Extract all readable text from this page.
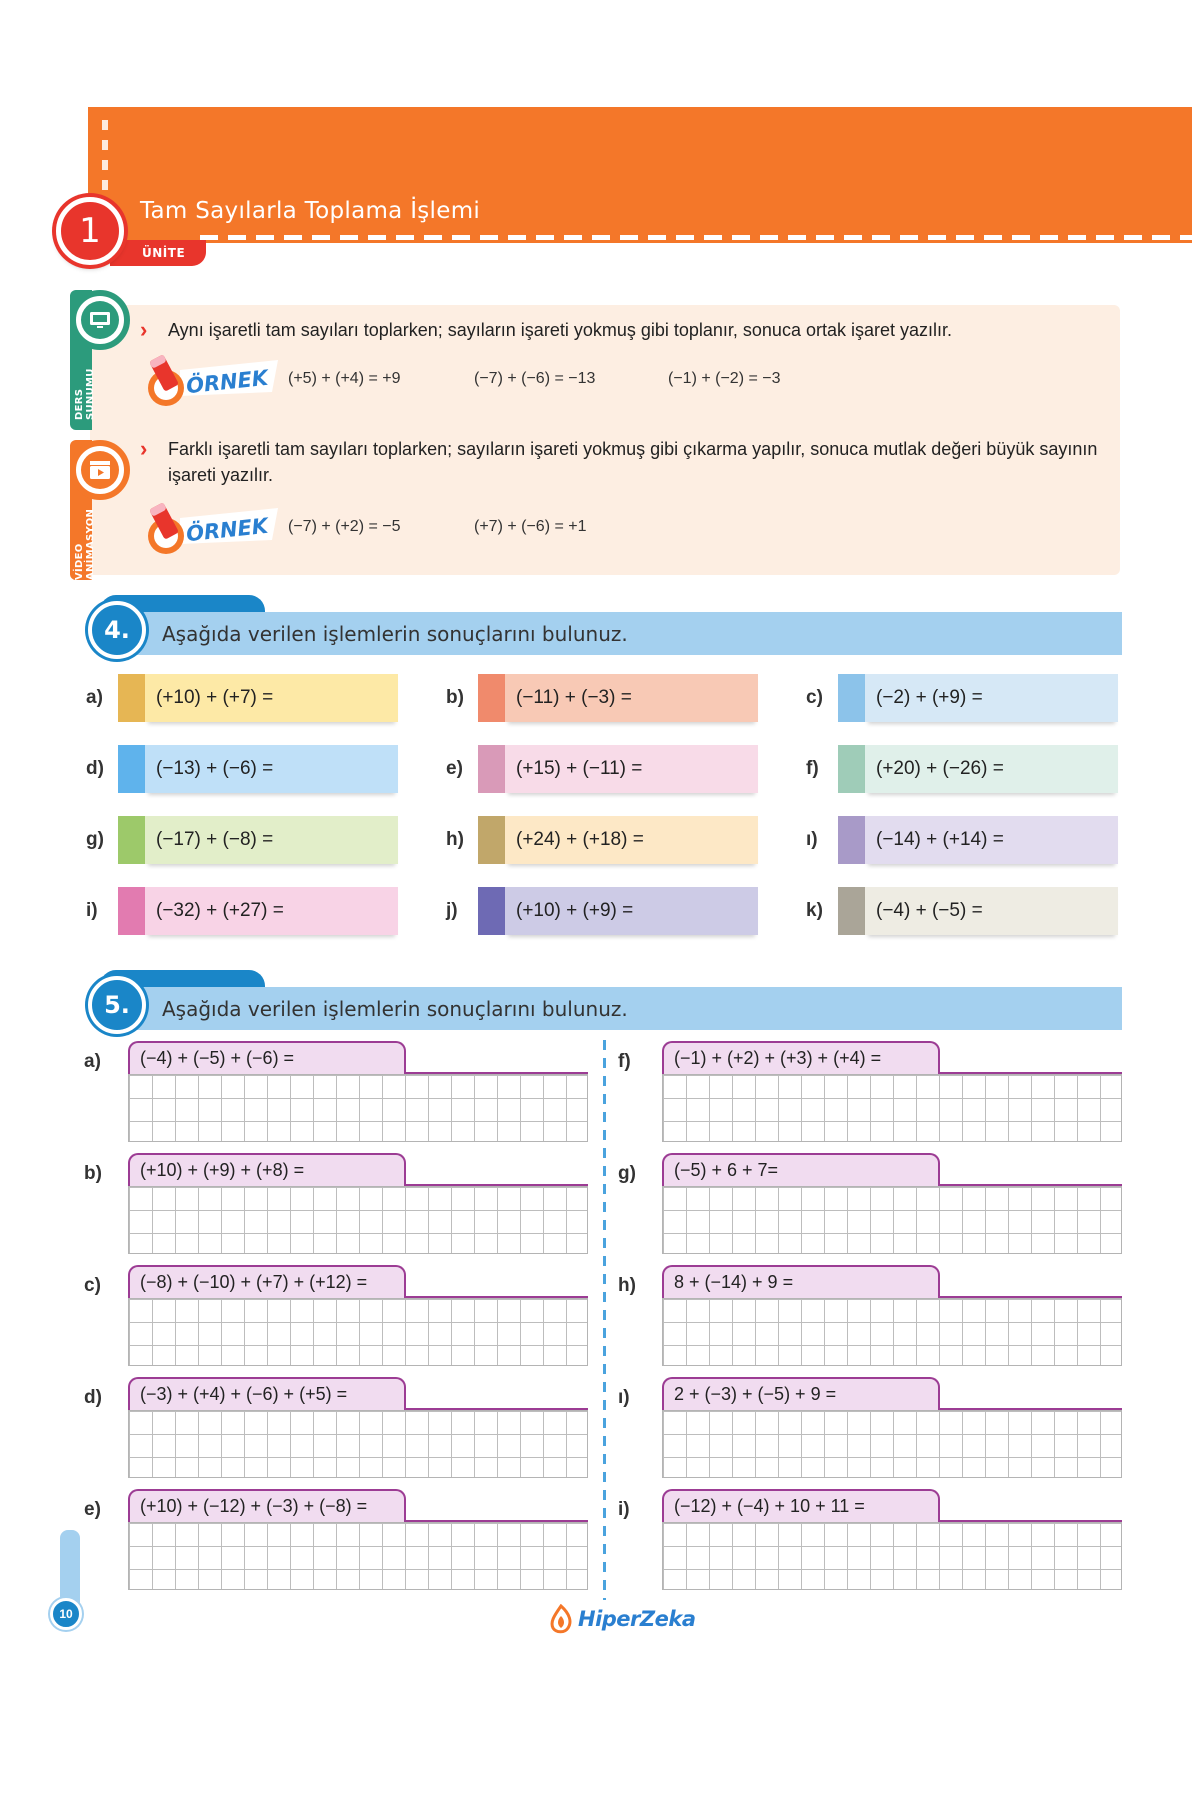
Tam Sayılarla Toplama İşlemi
ÜNİTE
1
DERS SUNUMU
VİDEO ANİMASYON
› Aynı işaretli tam sayıları toplarken; sayıların işareti yokmuş gibi toplanır, sonuca ortak işaret yazılır.
ÖRNEK (+5) + (+4) = +9	(−7) + (−6) = −13	(−1) + (−2) = −3
› Farklı işaretli tam sayıları toplarken; sayıların işareti yokmuş gibi çıkarma yapılır, sonuca mutlak değeri büyük sayının işareti yazılır.
ÖRNEK (−7) + (+2) = −5	(+7) + (−6) = +1
4. Aşağıda verilen işlemlerin sonuçlarını bulunuz.
a)	(+10) + (+7) =	b)	(−11) + (−3) =	c)	(−2) + (+9) =
d)	(−13) + (−6) =	e)	(+15) + (−11) =	f)	(+20) + (−26) =
g)	(−17) + (−8) =	h)	(+24) + (+18) =	ı)	(−14) + (+14) =
i)	(−32) + (+27) =	j)	(+10) + (+9) =	k)	(−4) + (−5) =
5. Aşağıda verilen işlemlerin sonuçlarını bulunuz.
a) (−4) + (−5) + (−6) =
b) (+10) + (+9) + (+8) =
c) (−8) + (−10) + (+7) + (+12) =
d) (−3) + (+4) + (−6) + (+5) =
e) (+10) + (−12) + (−3) + (−8) =
f) (−1) + (+2) + (+3) + (+4) =
g) (−5) + 6 + 7=
h) 8 + (−14) + 9 =
ı) 2 + (−3) + (−5) + 9 =
i) (−12) + (−4) + 10 + 11 =
10	HiperZeka
